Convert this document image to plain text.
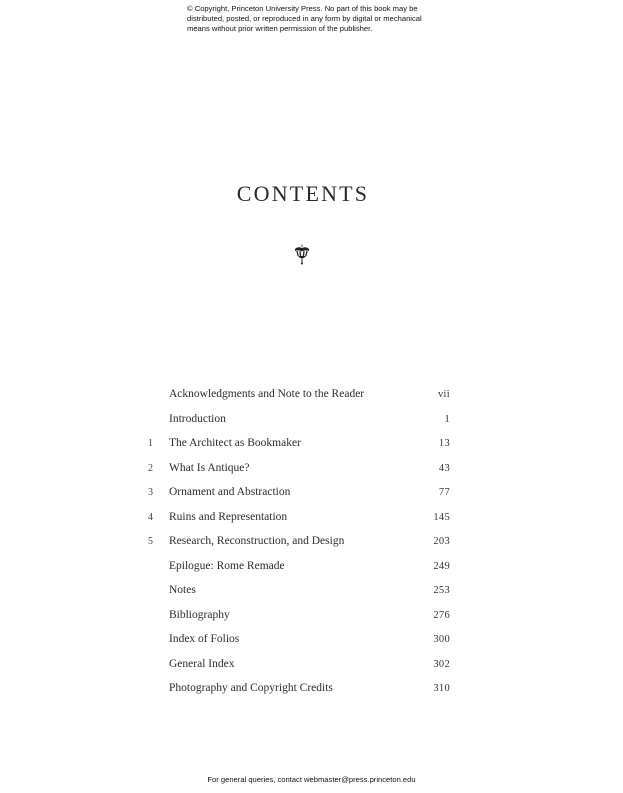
© Copyright, Princeton University Press. No part of this book may be
distributed, posted, or reproduced in any form by digital or mechanical
means without prior written permission of the publisher.
CONTENTS
Acknowledgments and Note to the Reader	vii
Introduction	1
1	The Architect as Bookmaker	13
2	What Is Antique?	43
3	Ornament and Abstraction	77
4	Ruins and Representation	145
5	Research, Reconstruction, and Design	203
Epilogue: Rome Remade	249
Notes	253
Bibliography	276
Index of Folios	300
General Index	302
Photography and Copyright Credits	310
For general queries, contact webmaster@press.princeton.edu
